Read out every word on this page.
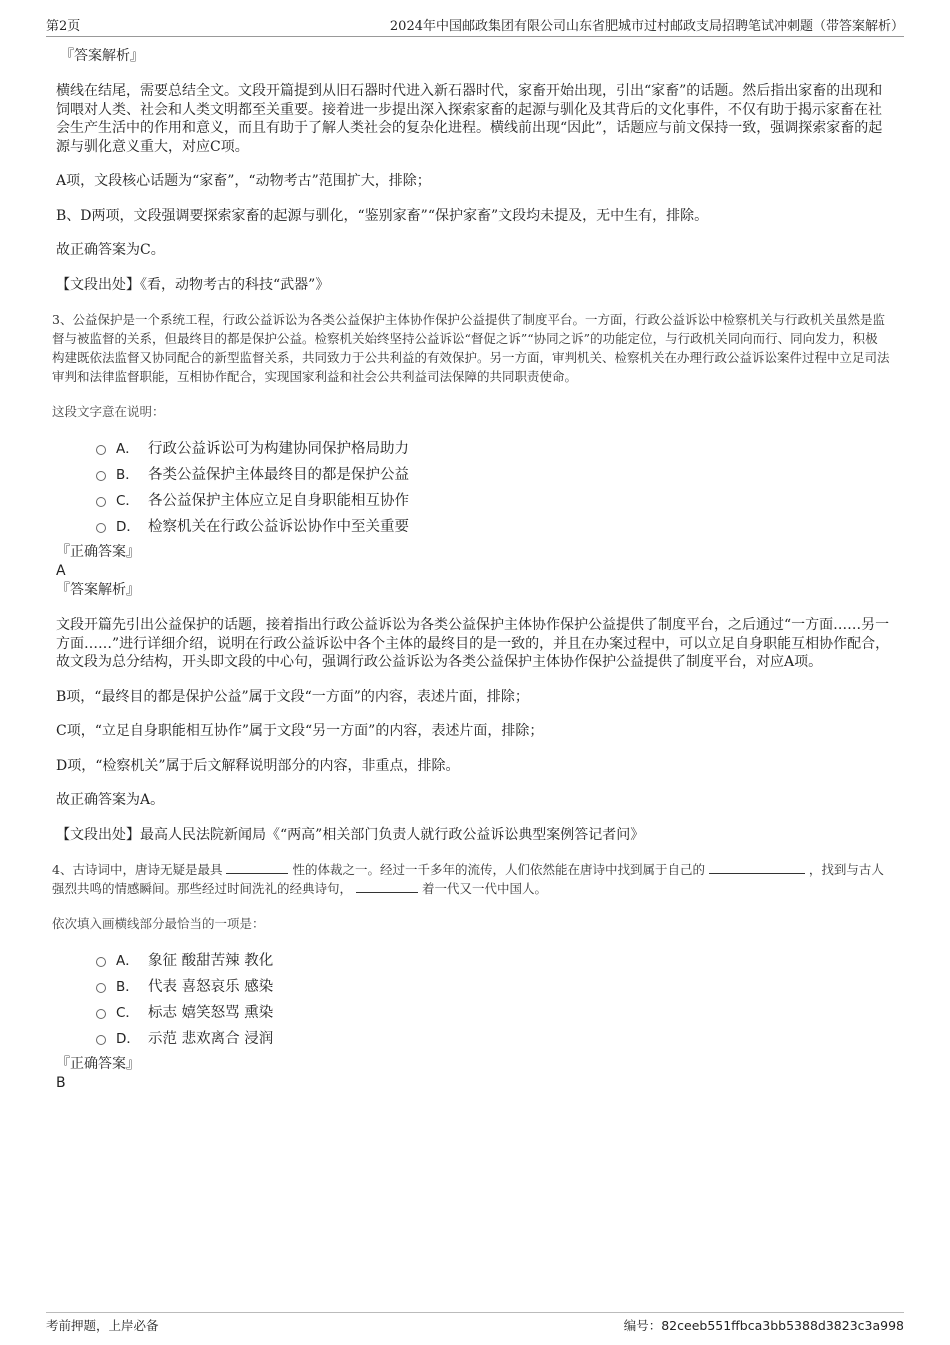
第2页	2024年中国邮政集团有限公司山东省肥城市过村邮政支局招聘笔试冲刺题（带答案解析）

『答案解析』

横线在结尾，需要总结全文。文段开篇提到从旧石器时代进入新石器时代，家畜开始出现，引出“家畜”的话题。然后指出家畜的出现和饲喂对人类、社会和人类文明都至关重要。接着进一步提出深入探索家畜的起源与驯化及其背后的文化事件，不仅有助于揭示家畜在社会生产生活中的作用和意义，而且有助于了解人类社会的复杂化进程。横线前出现“因此”，话题应与前文保持一致，强调探索家畜的起源与驯化意义重大，对应C项。

A项，文段核心话题为“家畜”，“动物考古”范围扩大，排除；

B、D两项，文段强调要探索家畜的起源与驯化，“鉴别家畜”“保护家畜”文段均未提及，无中生有，排除。

故正确答案为C。

【文段出处】《看，动物考古的科技“武器”》

3、公益保护是一个系统工程，行政公益诉讼为各类公益保护主体协作保护公益提供了制度平台。一方面，行政公益诉讼中检察机关与行政机关虽然是监督与被监督的关系，但最终目的都是保护公益。检察机关始终坚持公益诉讼“督促之诉”“协同之诉”的功能定位，与行政机关同向而行、同向发力，积极构建既依法监督又协同配合的新型监督关系，共同致力于公共利益的有效保护。另一方面，审判机关、检察机关在办理行政公益诉讼案件过程中立足司法审判和法律监督职能，互相协作配合，实现国家利益和社会公共利益司法保障的共同职责使命。

这段文字意在说明：

A． 行政公益诉讼可为构建协同保护格局助力
B． 各类公益保护主体最终目的都是保护公益
C． 各公益保护主体应立足自身职能相互协作
D． 检察机关在行政公益诉讼协作中至关重要

『正确答案』

A

『答案解析』

文段开篇先引出公益保护的话题，接着指出行政公益诉讼为各类公益保护主体协作保护公益提供了制度平台，之后通过“一方面……另一方面……”进行详细介绍，说明在行政公益诉讼中各个主体的最终目的是一致的，并且在办案过程中，可以立足自身职能互相协作配合，故文段为总分结构，开头即文段的中心句，强调行政公益诉讼为各类公益保护主体协作保护公益提供了制度平台，对应A项。

B项，“最终目的都是保护公益”属于文段“一方面”的内容，表述片面，排除；

C项，“立足自身职能相互协作”属于文段“另一方面”的内容，表述片面，排除；

D项，“检察机关”属于后文解释说明部分的内容，非重点，排除。

故正确答案为A。

【文段出处】最高人民法院新闻局《“两高”相关部门负责人就行政公益诉讼典型案例答记者问》

4、古诗词中，唐诗无疑是最具	性的体裁之一。经过一千多年的流传，人们依然能在唐诗中找到属于自己的	，找到与古人强烈共鸣的情感瞬间。那些经过时间洗礼的经典诗句，	着一代又一代中国人。

依次填入画横线部分最恰当的一项是：

A． 象征 酸甜苦辣 教化
B． 代表 喜怒哀乐 感染
C． 标志 嬉笑怒骂 熏染
D． 示范 悲欢离合 浸润

『正确答案』

B

考前押题，上岸必备	编号：82ceeb551ffbca3bb5388d3823c3a998
